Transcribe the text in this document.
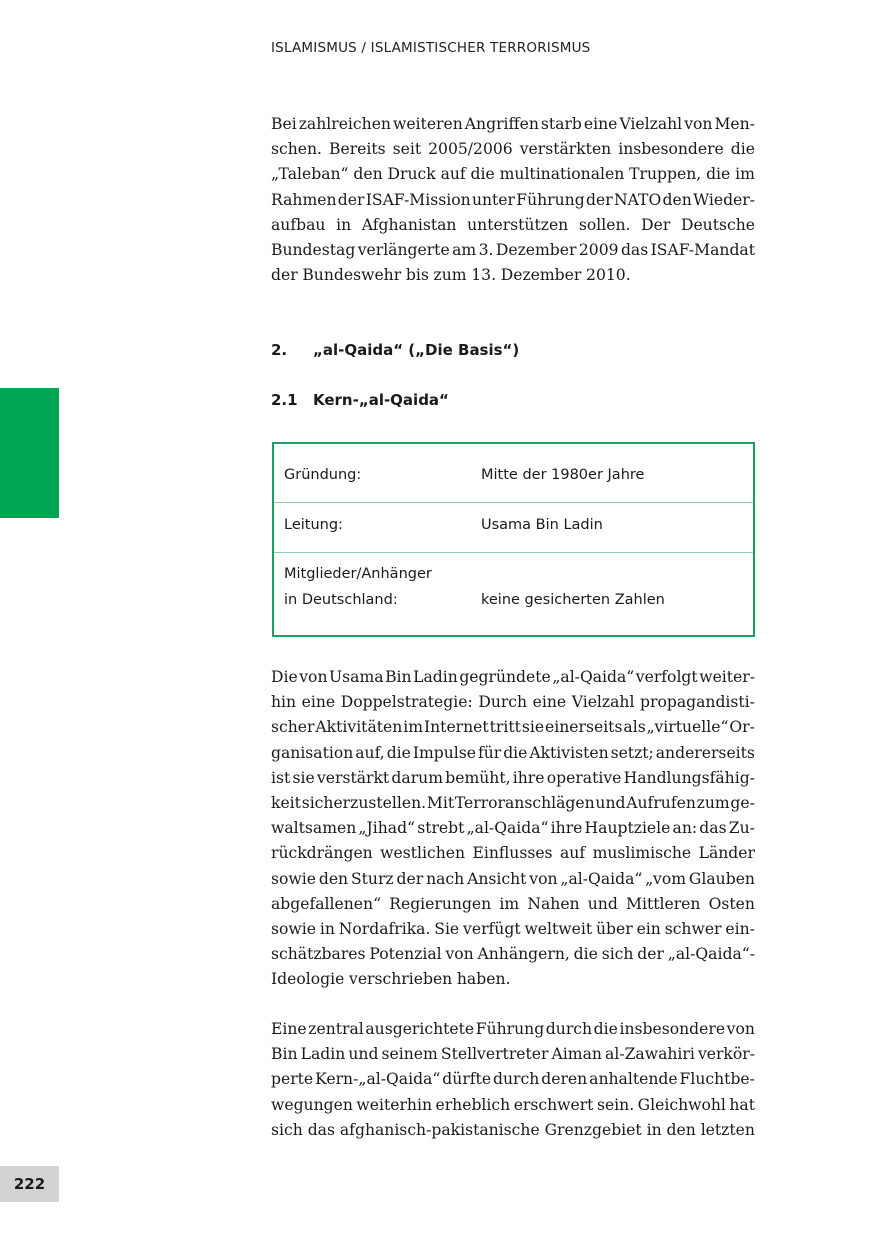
ISLAMISMUS / ISLAMISTISCHER TERRORISMUS
222
Bei zahlreichen weiteren Angriffen starb eine Vielzahl von Men-
schen. Bereits seit 2005/2006 verstärkten insbesondere die
„Taleban“ den Druck auf die multinationalen Truppen, die im
Rahmen der ISAF-Mission unter Führung der NATO den Wieder-
aufbau in Afghanistan unterstützen sollen. Der Deutsche
Bundestag verlängerte am 3. Dezember 2009 das ISAF-Mandat
der Bundeswehr bis zum 13. Dezember 2010.
2. „al-Qaida“ („Die Basis“)
2.1 Kern-„al-Qaida“
Gründung:	Mitte der 1980er Jahre
Leitung:	Usama Bin Ladin
Mitglieder/Anhänger
in Deutschland:	keine gesicherten Zahlen
Die von Usama Bin Ladin gegründete „al-Qaida“ verfolgt weiter-
hin eine Doppelstrategie: Durch eine Vielzahl propagandisti-
scher Aktivitäten im Internet tritt sie einerseits als „virtuelle“ Or-
ganisation auf, die Impulse für die Aktivisten setzt; andererseits
ist sie verstärkt darum bemüht, ihre operative Handlungsfähig-
keit sicherzustellen. Mit Terroranschlägen und Aufrufen zum ge-
waltsamen „Jihad“ strebt „al-Qaida“ ihre Hauptziele an: das Zu-
rückdrängen westlichen Einflusses auf muslimische Länder
sowie den Sturz der nach Ansicht von „al-Qaida“ „vom Glauben
abgefallenen“ Regierungen im Nahen und Mittleren Osten
sowie in Nordafrika. Sie verfügt weltweit über ein schwer ein-
schätzbares Potenzial von Anhängern, die sich der „al-Qaida“-
Ideologie verschrieben haben.
Eine zentral ausgerichtete Führung durch die insbesondere von
Bin Ladin und seinem Stellvertreter Aiman al-Zawahiri verkör-
perte Kern-„al-Qaida“ dürfte durch deren anhaltende Fluchtbe-
wegungen weiterhin erheblich erschwert sein. Gleichwohl hat
sich das afghanisch-pakistanische Grenzgebiet in den letzten
